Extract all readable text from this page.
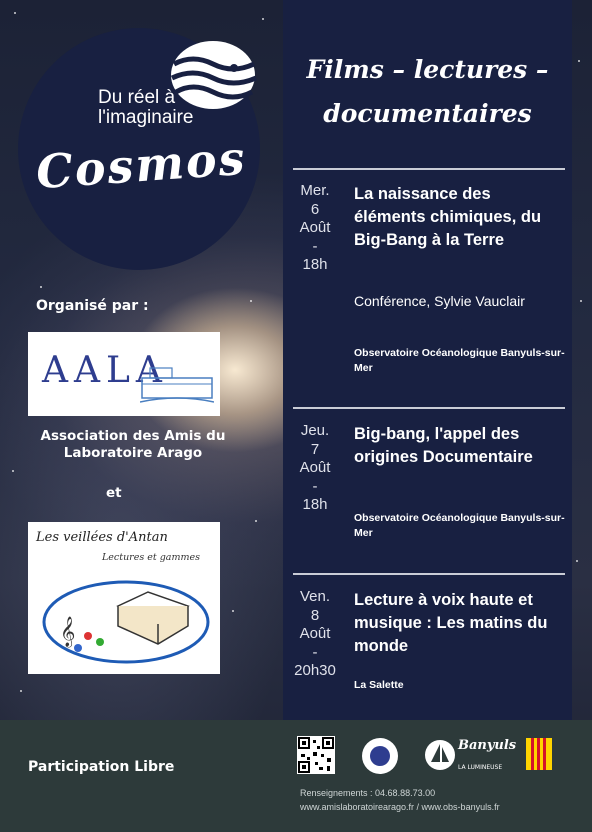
Du réel à l'imaginaire
Cosmos
Organisé par :
AALA
Association des Amis du Laboratoire Arago
et
Les veillées d'Antan
Lectures et gammes
𝄞
Films – lectures – documentaires
Mer.
6
Août
-
18h
La naissance des éléments chimiques, du Big-Bang à la Terre
Conférence, Sylvie Vauclair
Observatoire Océanologique Banyuls-sur-Mer
Jeu.
7
Août
-
18h
Big-bang, l'appel des origines Documentaire
Observatoire Océanologique Banyuls-sur-Mer
Ven.
8
Août
-
20h30
Lecture à voix haute et musique : Les matins du monde
La Salette
Participation Libre
Banyuls
LA LUMINEUSE
Renseignements : 04.68.88.73.00
www.amislaboratoirearago.fr / www.obs-banyuls.fr
